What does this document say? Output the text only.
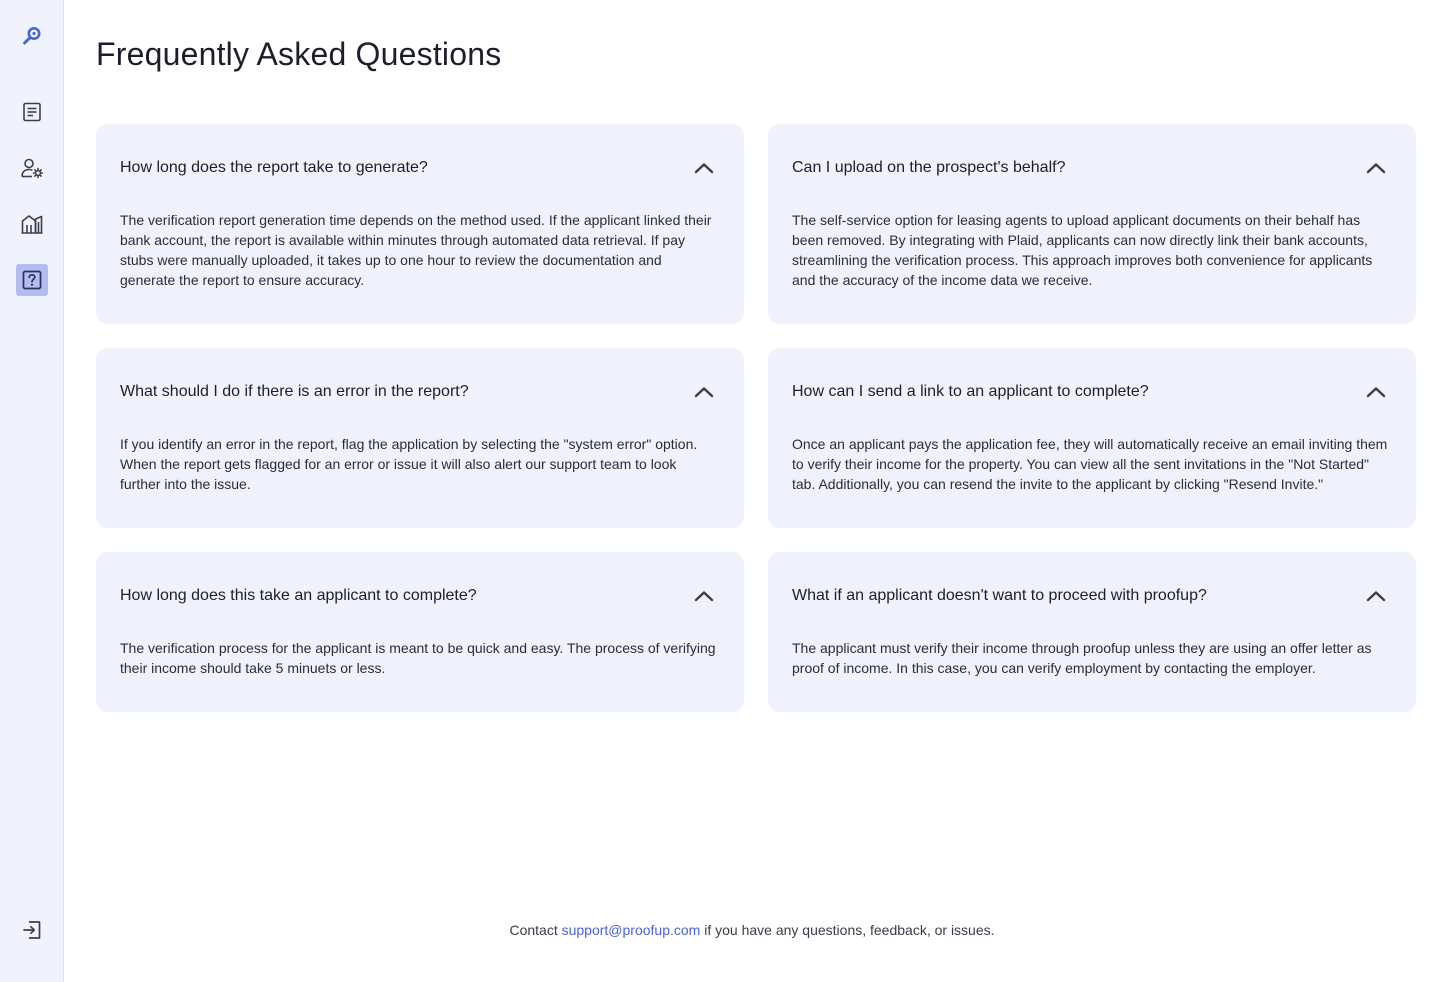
Frequently Asked Questions
How long does the report take to generate?

The verification report generation time depends on the method used. If the applicant linked their bank account, the report is available within minutes through automated data retrieval. If pay stubs were manually uploaded, it takes up to one hour to review the documentation and generate the report to ensure accuracy.

Can I upload on the prospect's behalf?

The self-service option for leasing agents to upload applicant documents on their behalf has been removed. By integrating with Plaid, applicants can now directly link their bank accounts, streamlining the verification process. This approach improves both convenience for applicants and the accuracy of the income data we receive.

What should I do if there is an error in the report?

If you identify an error in the report, flag the application by selecting the "system error" option. When the report gets flagged for an error or issue it will also alert our support team to look further into the issue.

How can I send a link to an applicant to complete?

Once an applicant pays the application fee, they will automatically receive an email inviting them to verify their income for the property. You can view all the sent invitations in the "Not Started" tab. Additionally, you can resend the invite to the applicant by clicking "Resend Invite."

How long does this take an applicant to complete?

The verification process for the applicant is meant to be quick and easy. The process of verifying their income should take 5 minuets or less.

What if an applicant doesn't want to proceed with proofup?

The applicant must verify their income through proofup unless they are using an offer letter as proof of income. In this case, you can verify employment by contacting the employer.

Contact support@proofup.com if you have any questions, feedback, or issues.
